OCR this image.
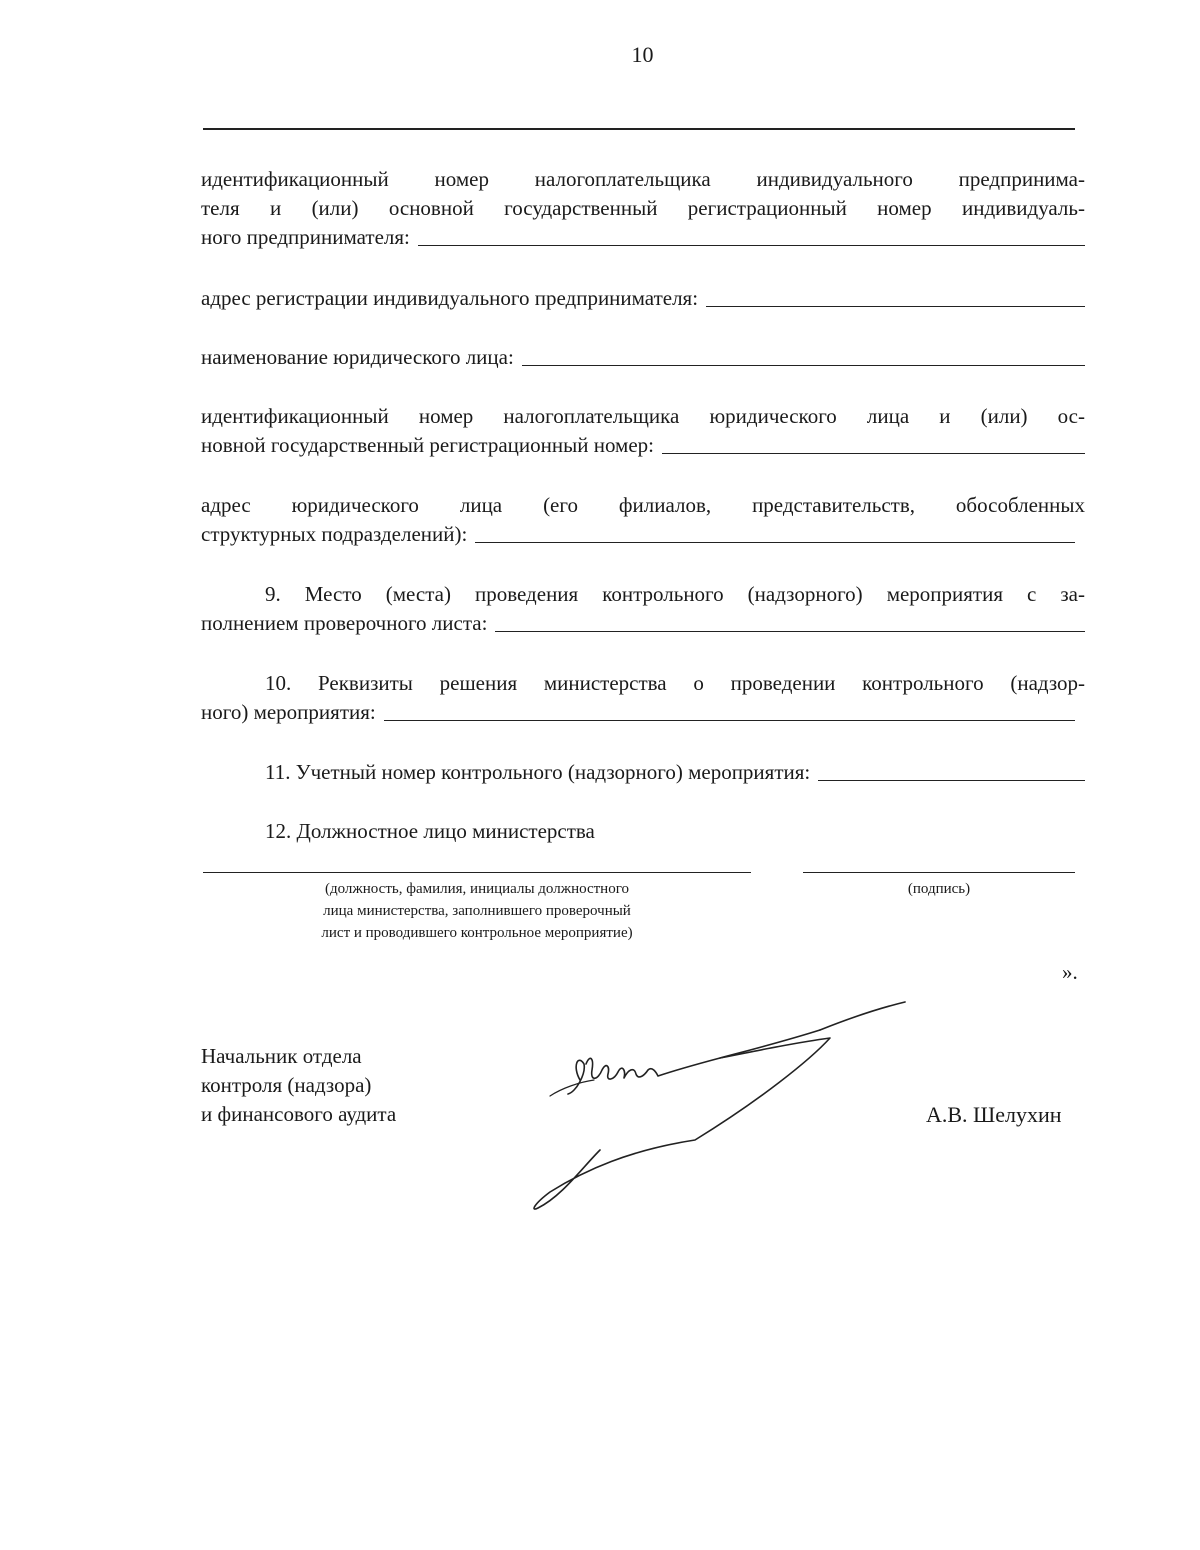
10
идентификационный номер налогоплательщика индивидуального предпринима-
теля и (или) основной государственный регистрационный номер индивидуаль-
ного предпринимателя:
адрес регистрации индивидуального предпринимателя:
наименование юридического лица:
идентификационный номер налогоплательщика юридического лица и (или) ос-
новной государственный регистрационный номер:
адрес юридического лица (его филиалов, представительств, обособленных
структурных подразделений):
9. Место (места) проведения контрольного (надзорного) мероприятия с за-
полнением проверочного листа:
10. Реквизиты решения министерства о проведении контрольного (надзор-
ного) мероприятия:
11. Учетный номер контрольного (надзорного) мероприятия:
12. Должностное лицо министерства
(должность, фамилия, инициалы должностного
лица министерства, заполнившего проверочный
лист и проводившего контрольное мероприятие)
(подпись)
».
Начальник отдела
контроля (надзора)
и финансового аудита	А.В. Шелухин
